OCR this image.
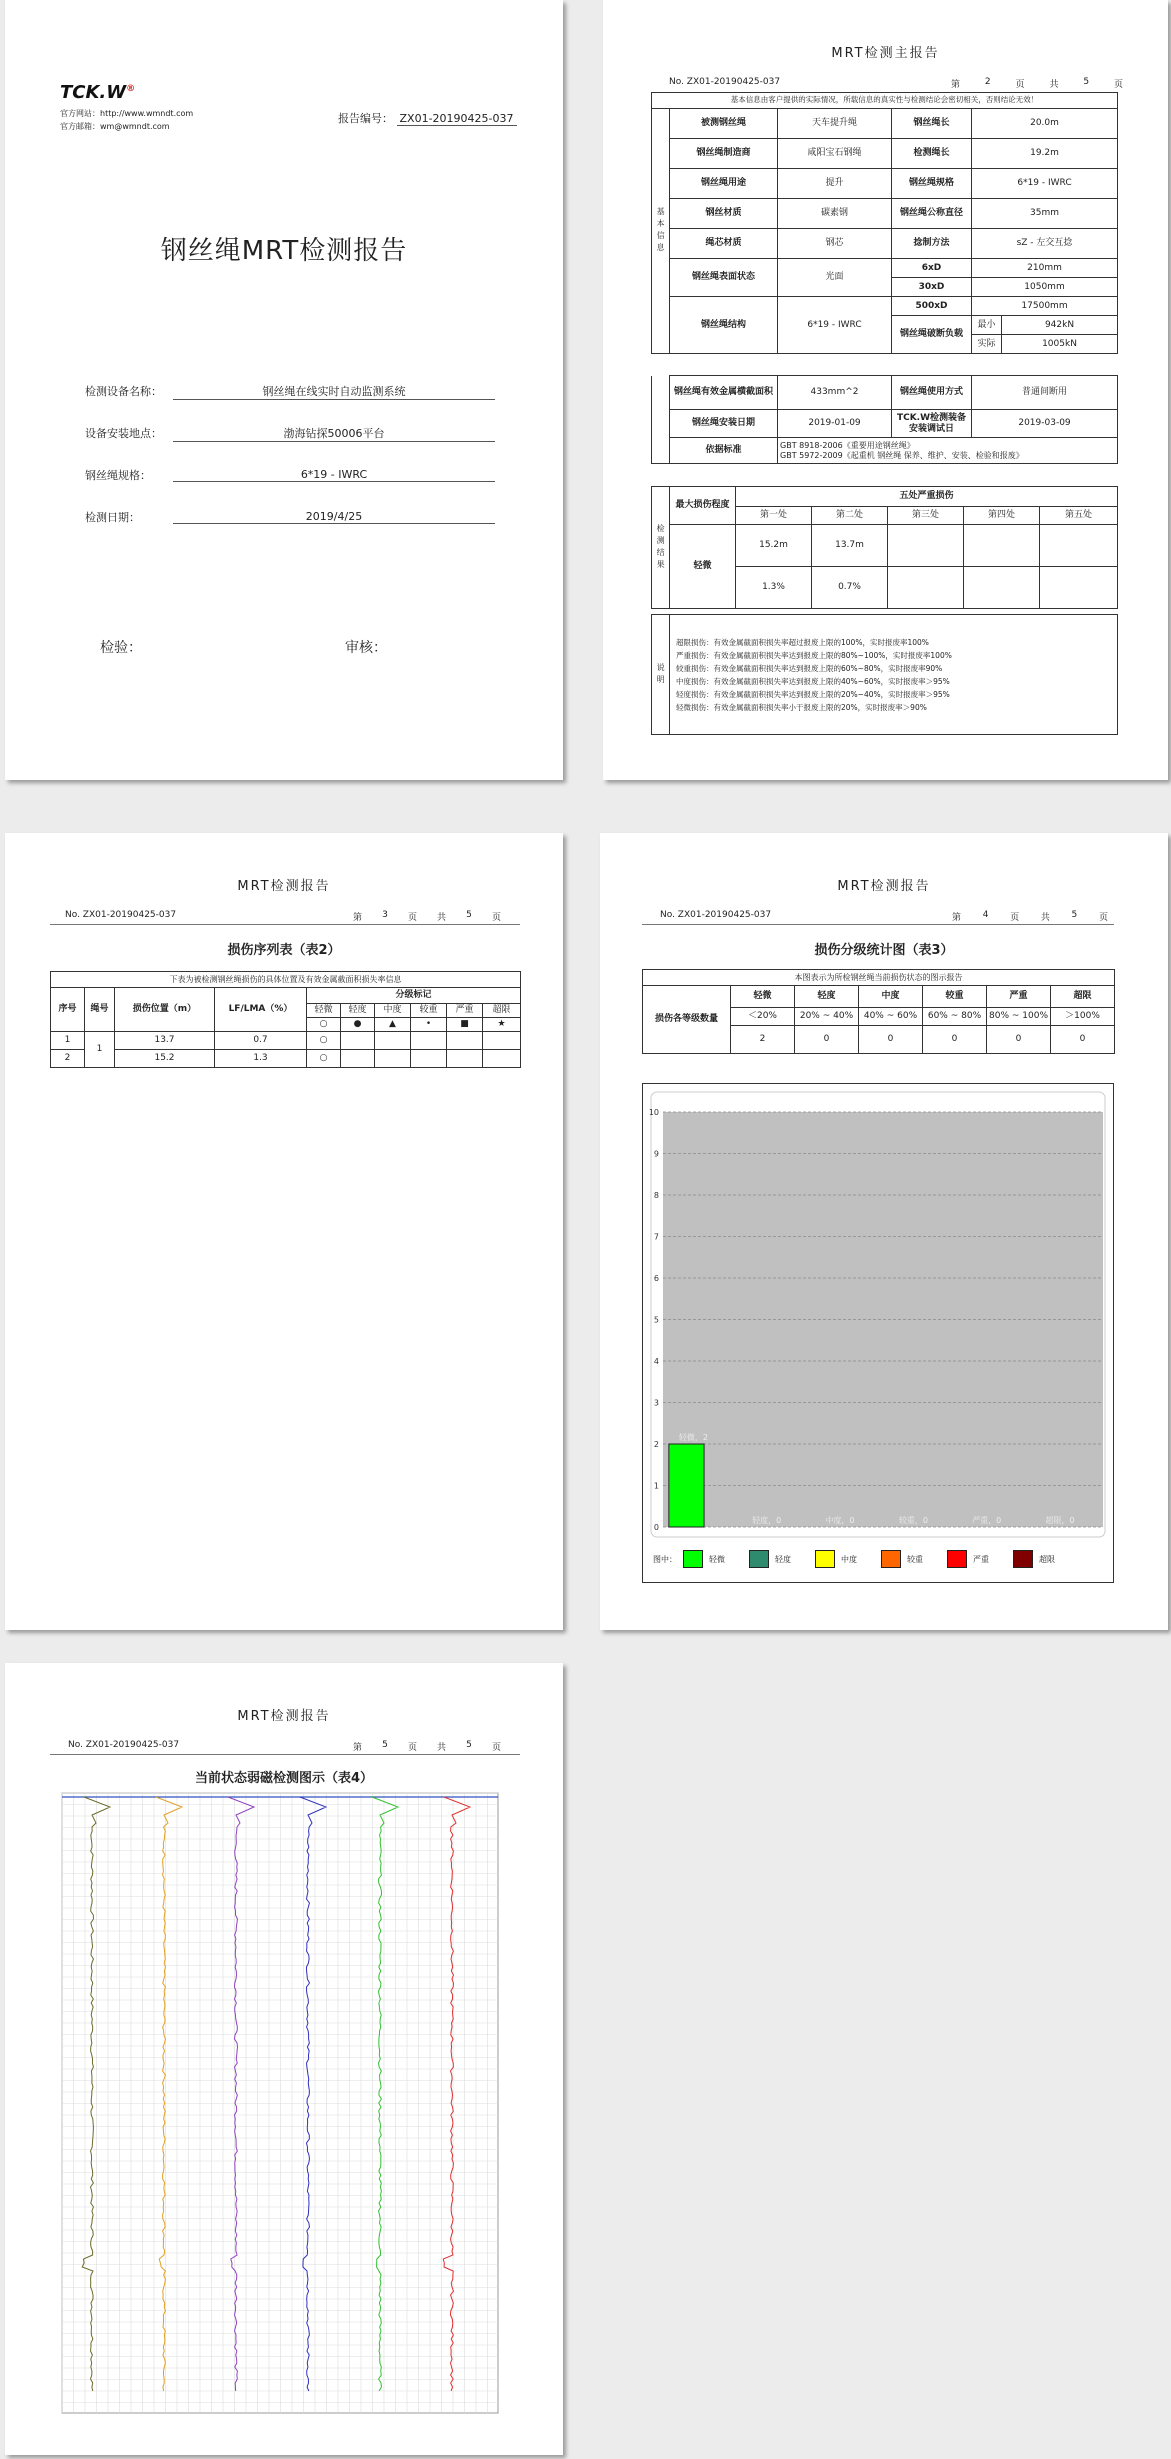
TCK.W®
官方网站：http://www.wmndt.com
官方邮箱：wm@wmndt.com
报告编号： ZX01-20190425-037
钢丝绳MRT检测报告
检测设备名称：	钢丝绳在线实时自动监测系统
设备安装地点：	渤海钻探50006平台
钢丝绳规格：	6*19 - IWRC
检测日期：	2019/4/25
检验：	审核：
MRT检测主报告
No. ZX01-20190425-037	第	2	页	共	5	页
基本信息由客户提供的实际情况，所载信息的真实性与检测结论会密切相关，否则结论无效！					
基本信息	被测钢丝绳	天车提升绳	钢丝绳长	20.0m	
	钢丝绳制造商	咸阳宝石钢绳	检测绳长	19.2m	
	钢丝绳用途	提升	钢丝绳规格	6*19 - IWRC	
	钢丝材质	碳素钢	钢丝绳公称直径	35mm	
	绳芯材质	钢芯	捻制方法	sZ - 左交互捻	
	钢丝绳表面状态	光面	6xD	210mm	
			30xD	1050mm	
	钢丝绳结构	6*19 - IWRC	500xD	17500mm	
			钢丝绳破断负载	最小	942kN
				实际	1005kN
	钢丝绳有效金属横截面积	433mm^2	钢丝绳使用方式	普通间断用
	钢丝绳安装日期	2019-01-09	TCK.W检测装备安装调试日	2019-03-09
	依据标准	GBT 8918-2006《重要用途钢丝绳》
GBT 5972-2009《起重机 钢丝绳 保养、维护、安装、检验和报废》		
检测结果	最大损伤程度	五处严重损伤				
		第一处	第二处	第三处	第四处	第五处
	轻微	15.2m	13.7m			
		1.3%	0.7%			
说明	
超限损伤：有效金属截面积损失率超过报废上限的100%，实时报废率100%
严重损伤：有效金属截面积损失率达到报废上限的80%~100%，实时报废率100%
较重损伤：有效金属截面积损失率达到报废上限的60%~80%，实时报废率90%
中度损伤：有效金属截面积损失率达到报废上限的40%~60%，实时报废率＞95%
轻度损伤：有效金属截面积损失率达到报废上限的20%~40%，实时报废率＞95%
轻微损伤：有效金属截面积损失率小于报废上限的20%，实时报废率＞90%
MRT检测报告
No. ZX01-20190425-037	第 3 页 共 5 页
损伤序列表（表2）
下表为被检测钢丝绳损伤的具体位置及有效金属截面积损失率信息									
序号	绳号	损伤位置（m）	LF/LMA（%）	分级标记					
				轻微	轻度	中度	较重	严重	超限
				○	●	▲	•	■	★
1	1	13.7	0.7	○					
2		15.2	1.3	○					
MRT检测报告
No. ZX01-20190425-037	第 4 页 共 5 页
损伤分级统计图（表3）
本图表示为所检钢丝绳当前损伤状态的图示报告						
损伤各等级数量	轻微	轻度	中度	较重	严重	超限
	＜20%	20% ~ 40%	40% ~ 60%	60% ~ 80%	80% ~ 100%	＞100%
	2	0	0	0	0	0
0
1
2
3
4
5
6
7
8
9
10
轻微，2
轻度，0	中度，0	较重，0	严重，0	超限，0
图中：	轻微	轻度	中度	较重	严重	超限
MRT检测报告
No. ZX01-20190425-037	第 5 页 共 5 页
当前状态弱磁检测图示（表4）
